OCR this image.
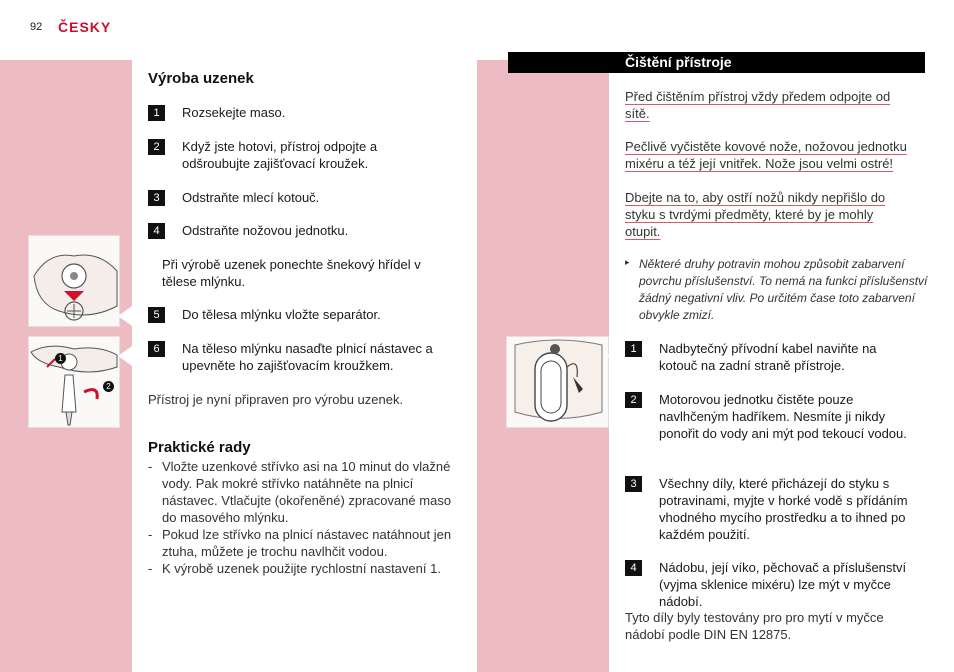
92 ČESKY
1
2
Výroba uzenek
1	Rozsekejte maso.
2	Když jste hotovi, přístroj odpojte a odšroubujte zajišťovací kroužek.
3	Odstraňte mlecí kotouč.
4	Odstraňte nožovou jednotku.
Při výrobě uzenek ponechte šnekový hřídel v tělese mlýnku.
5	Do tělesa mlýnku vložte separátor.
6	Na těleso mlýnku nasaďte plnicí nástavec a upevněte ho zajišťovacím kroužkem.
Přístroj je nyní připraven pro výrobu uzenek.
Praktické rady
- Vložte uzenkové střívko asi na 10 minut do vlažné vody. Pak mokré střívko natáhněte na plnicí nástavec. Vtlačujte (okořeněné) zpracované maso do masového mlýnku.
- Pokud lze střívko na plnicí nástavec natáhnout jen ztuha, můžete je trochu navlhčit vodou.
- K výrobě uzenek použijte rychlostní nastavení 1.
Čištění přístroje
Před čištěním přístroj vždy předem odpojte od sítě.
Pečlivě vyčistěte kovové nože, nožovou jednotku mixéru a též její vnitřek. Nože jsou velmi ostré!
Dbejte na to, aby ostří nožů nikdy nepřišlo do styku s tvrdými předměty, které by je mohly otupit.
▸ Některé druhy potravin mohou způsobit zabarvení povrchu příslušenství. To nemá na funkci příslušenství žádný negativní vliv. Po určitém čase toto zabarvení obvykle zmizí.
1	Nadbytečný přívodní kabel naviňte na kotouč na zadní straně přístroje.
2	Motorovou jednotku čistěte pouze navlhčeným hadříkem. Nesmíte ji nikdy ponořit do vody ani mýt pod tekoucí vodou.
3	Všechny díly, které přicházejí do styku s potravinami, myjte v horké vodě s přídáním vhodného mycího prostředku a to ihned po každém použití.
4	Nádobu, její víko, pěchovač a příslušenství (vyjma sklenice mixéru) lze mýt v myčce nádobí.
Tyto díly byly testovány pro pro mytí v myčce nádobí podle DIN EN 12875.
